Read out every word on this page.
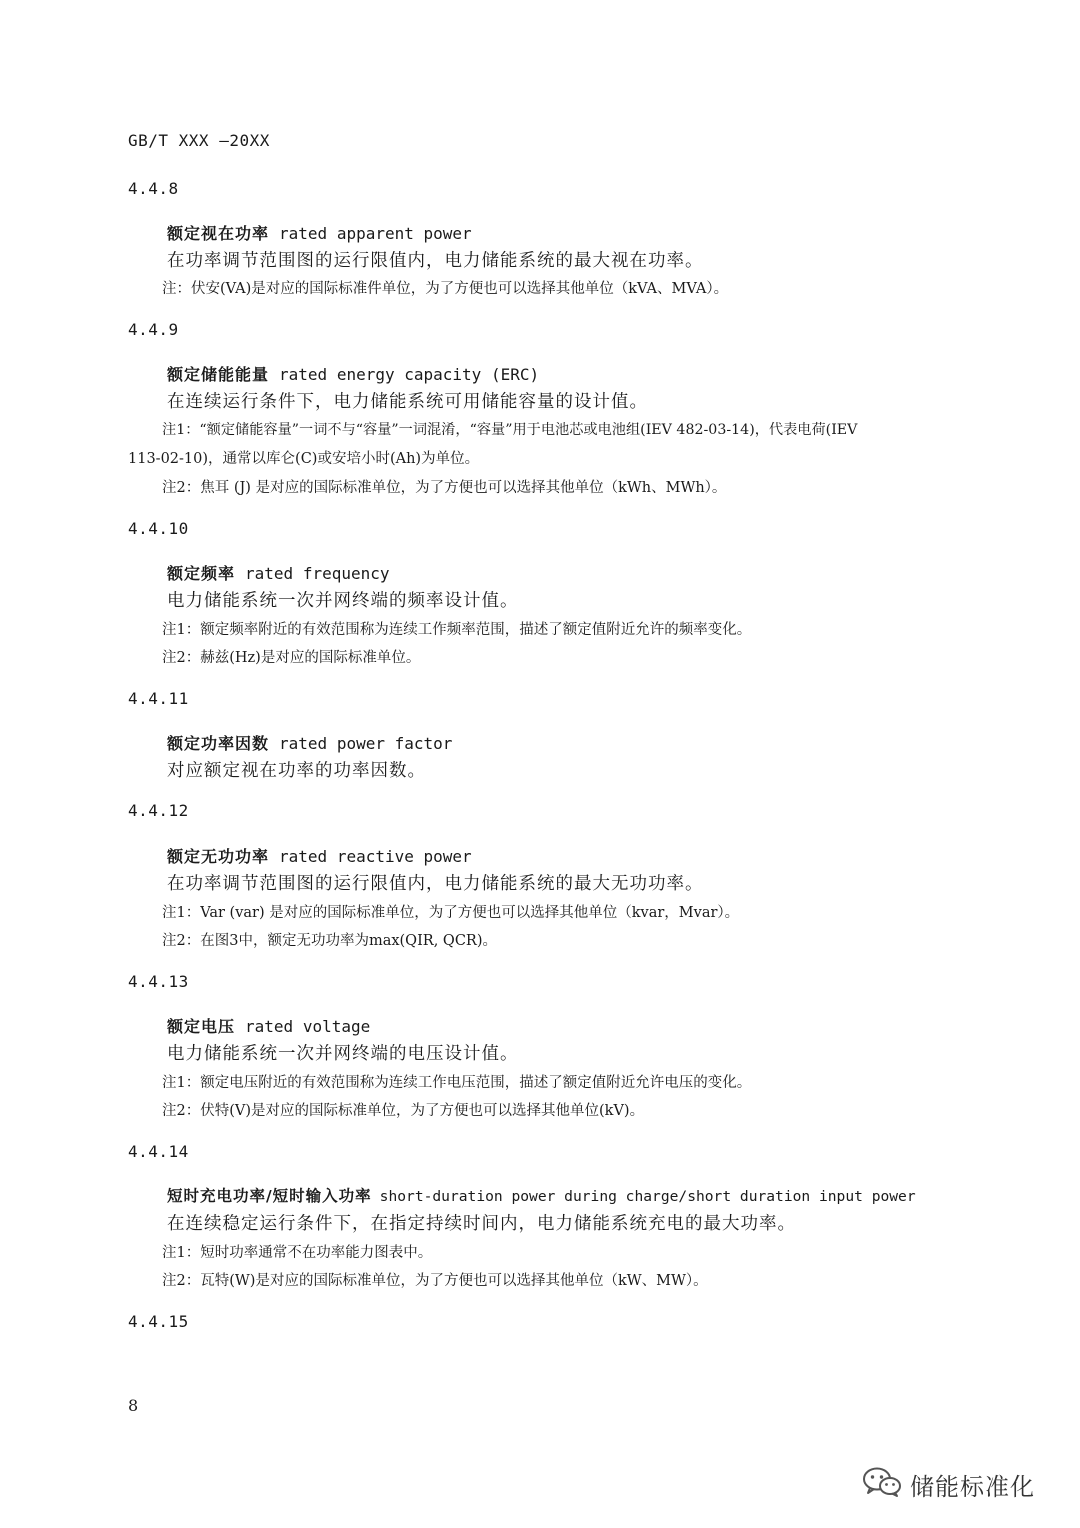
GB/T XXX —20XX
4.4.8
额定视在功率 rated apparent power
在功率调节范围图的运行限值内，电力储能系统的最大视在功率。
注：伏安(VA)是对应的国际标准件单位，为了方便也可以选择其他单位（kVA、MVA）。
4.4.9
额定储能能量 rated energy capacity (ERC)
在连续运行条件下，电力储能系统可用储能容量的设计值。
注1：“额定储能容量”一词不与“容量”一词混淆，“容量”用于电池芯或电池组(IEV 482-03-14)，代表电荷(IEV
113-02-10)，通常以库仑(C)或安培小时(Ah)为单位。
注2：焦耳 (J) 是对应的国际标准单位，为了方便也可以选择其他单位（kWh、MWh）。
4.4.10
额定频率 rated frequency
电力储能系统一次并网终端的频率设计值。
注1：额定频率附近的有效范围称为连续工作频率范围，描述了额定值附近允许的频率变化。
注2：赫兹(Hz)是对应的国际标准单位。
4.4.11
额定功率因数 rated power factor
对应额定视在功率的功率因数。
4.4.12
额定无功功率 rated reactive power
在功率调节范围图的运行限值内，电力储能系统的最大无功功率。
注1：Var (var) 是对应的国际标准单位，为了方便也可以选择其他单位（kvar，Mvar）。
注2：在图3中，额定无功功率为max(QIR, QCR)。
4.4.13
额定电压 rated voltage
电力储能系统一次并网终端的电压设计值。
注1：额定电压附近的有效范围称为连续工作电压范围，描述了额定值附近允许电压的变化。
注2：伏特(V)是对应的国际标准单位，为了方便也可以选择其他单位(kV)。
4.4.14
短时充电功率/短时输入功率 short-duration power during charge/short duration input power
在连续稳定运行条件下，在指定持续时间内，电力储能系统充电的最大功率。
注1：短时功率通常不在功率能力图表中。
注2：瓦特(W)是对应的国际标准单位，为了方便也可以选择其他单位（kW、MW）。
4.4.15
8
储能标准化
